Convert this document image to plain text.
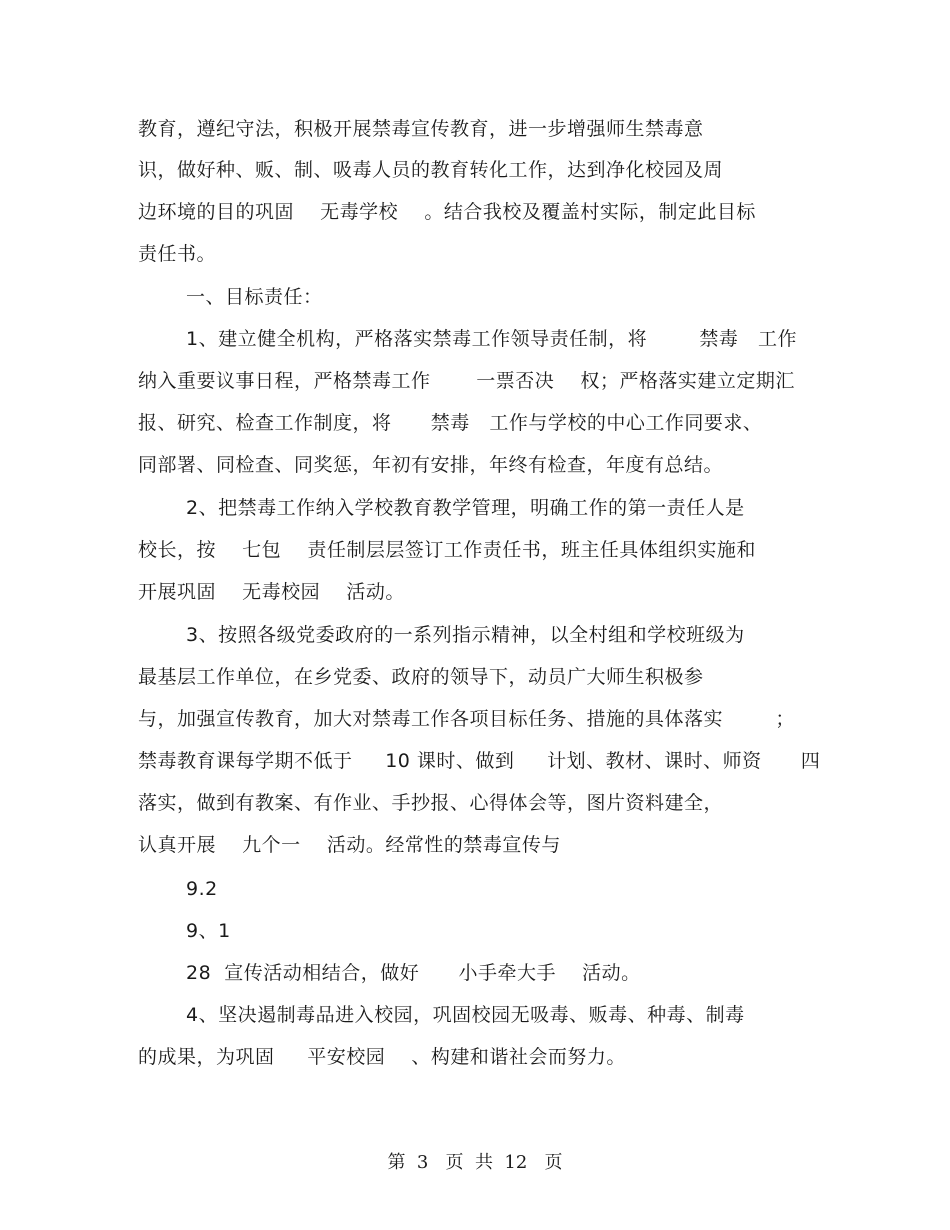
教育，遵纪守法，积极开展禁毒宣传教育，进一步增强师生禁毒意
识，做好种、贩、制、吸毒人员的教育转化工作，达到净化校园及周
边环境的目的巩固    无毒学校    。结合我校及覆盖村实际，制定此目标
责任书。
一、目标责任：
1、建立健全机构，严格落实禁毒工作领导责任制，将        禁毒   工作
纳入重要议事日程，严格禁毒工作       一票否决    权；严格落实建立定期汇
报、研究、检查工作制度，将      禁毒   工作与学校的中心工作同要求、
同部署、同检查、同奖惩，年初有安排，年终有检查，年度有总结。
2、把禁毒工作纳入学校教育教学管理，明确工作的第一责任人是
校长，按    七包    责任制层层签订工作责任书，班主任具体组织实施和
开展巩固    无毒校园    活动。
3、按照各级党委政府的一系列指示精神，以全村组和学校班级为
最基层工作单位，在乡党委、政府的领导下，动员广大师生积极参
与，加强宣传教育，加大对禁毒工作各项目标任务、措施的具体落实        ；
禁毒教育课每学期不低于     10 课时、做到     计划、教材、课时、师资      四
落实，做到有教案、有作业、手抄报、心得体会等，图片资料建全，
认真开展    九个一    活动。经常性的禁毒宣传与
9.2
9、1
28  宣传活动相结合，做好      小手牵大手    活动。
4、坚决遏制毒品进入校园，巩固校园无吸毒、贩毒、种毒、制毒
的成果，为巩固     平安校园    、构建和谐社会而努力。
第  3   页  共  12   页
